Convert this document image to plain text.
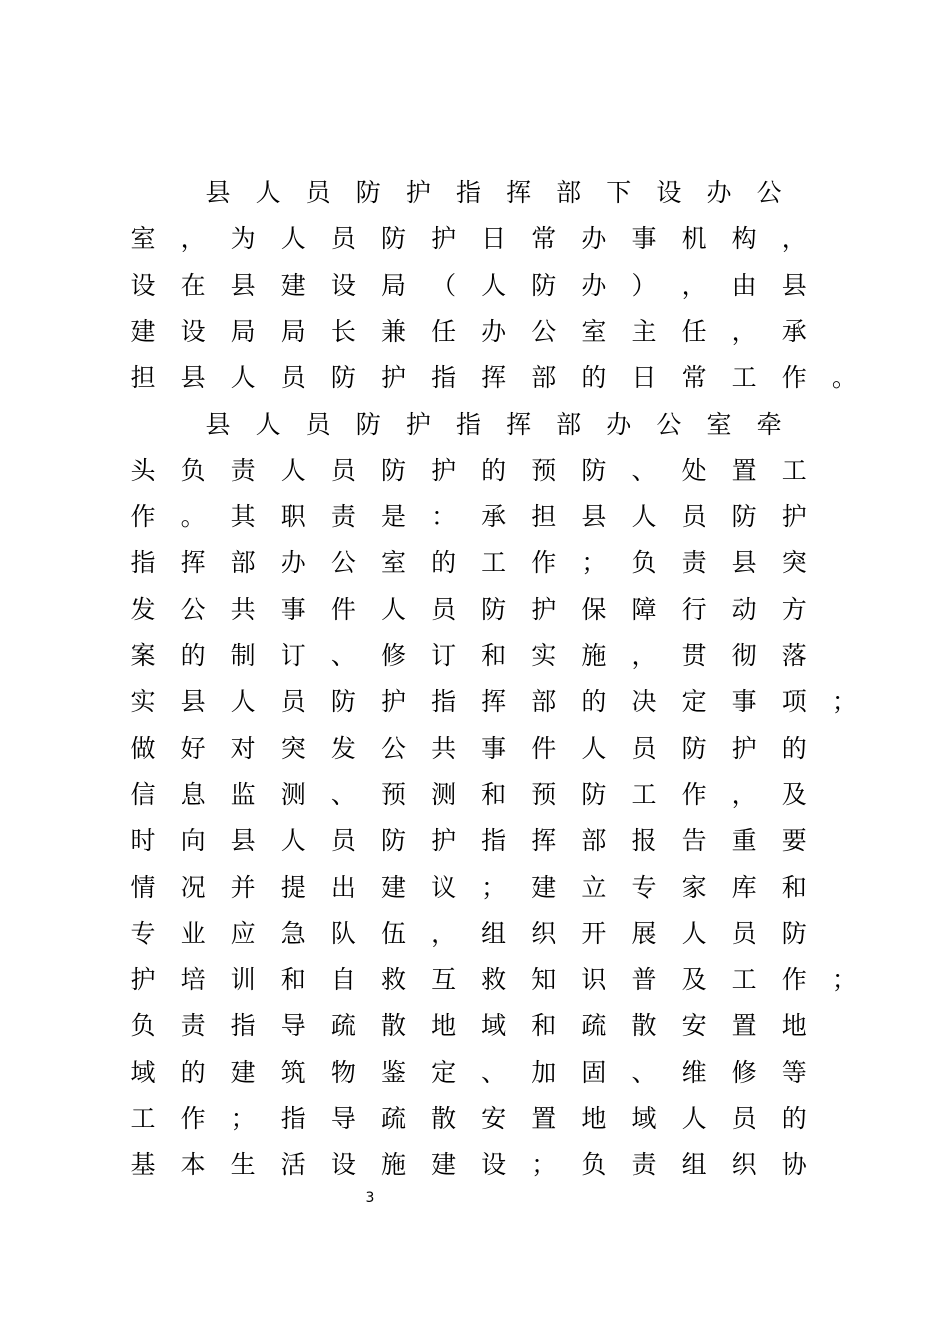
县 人 员 防 护 指 挥 部 下 设 办 公
室 ， 为 人 员 防 护 日 常 办 事 机 构 ，
设 在 县 建 设 局 （ 人 防 办 ） ， 由 县
建 设 局 局 长 兼 任 办 公 室 主 任 ， 承
担 县 人 员 防 护 指 挥 部 的 日 常 工 作 。
县 人 员 防 护 指 挥 部 办 公 室 牵
头 负 责 人 员 防 护 的 预 防 、 处 置 工
作 。 其 职 责 是 ： 承 担 县 人 员 防 护
指 挥 部 办 公 室 的 工 作 ； 负 责 县 突
发 公 共 事 件 人 员 防 护 保 障 行 动 方
案 的 制 订 、 修 订 和 实 施 ， 贯 彻 落
实 县 人 员 防 护 指 挥 部 的 决 定 事 项 ；
做 好 对 突 发 公 共 事 件 人 员 防 护 的
信 息 监 测 、 预 测 和 预 防 工 作 ， 及
时 向 县 人 员 防 护 指 挥 部 报 告 重 要
情 况 并 提 出 建 议 ； 建 立 专 家 库 和
专 业 应 急 队 伍 ， 组 织 开 展 人 员 防
护 培 训 和 自 救 互 救 知 识 普 及 工 作 ；
负 责 指 导 疏 散 地 域 和 疏 散 安 置 地
域 的 建 筑 物 鉴 定 、 加 固 、 维 修 等
工 作 ； 指 导 疏 散 安 置 地 域 人 员 的
基 本 生 活 设 施 建 设 ； 负 责 组 织 协
3
